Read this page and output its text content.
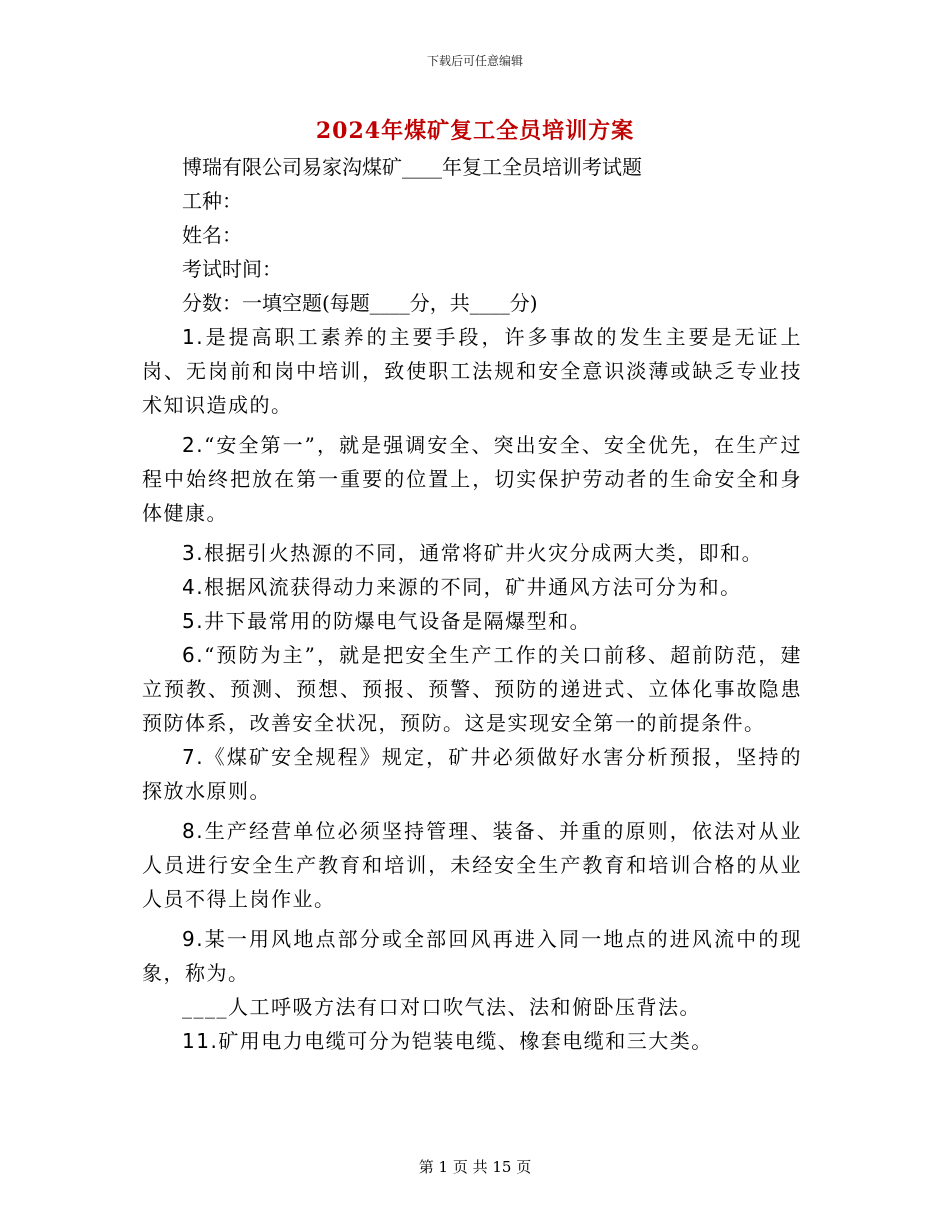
下载后可任意编辑
2024年煤矿复工全员培训方案

博瑞有限公司易家沟煤矿____年复工全员培训考试题

工种：

姓名：

考试时间：

分数：一填空题(每题____分，共____分)

1.是提高职工素养的主要手段，许多事故的发生主要是无证上岗、无岗前和岗中培训，致使职工法规和安全意识淡薄或缺乏专业技术知识造成的。

2.“安全第一”，就是强调安全、突出安全、安全优先，在生产过程中始终把放在第一重要的位置上，切实保护劳动者的生命安全和身体健康。

3.根据引火热源的不同，通常将矿井火灾分成两大类，即和。

4.根据风流获得动力来源的不同，矿井通风方法可分为和。

5.井下最常用的防爆电气设备是隔爆型和。

6.“预防为主”，就是把安全生产工作的关口前移、超前防范，建立预教、预测、预想、预报、预警、预防的递进式、立体化事故隐患预防体系，改善安全状况，预防。这是实现安全第一的前提条件。

7.《煤矿安全规程》规定，矿井必须做好水害分析预报，坚持的探放水原则。

8.生产经营单位必须坚持管理、装备、并重的原则，依法对从业人员进行安全生产教育和培训，未经安全生产教育和培训合格的从业人员不得上岗作业。

9.某一用风地点部分或全部回风再进入同一地点的进风流中的现象，称为。

____人工呼吸方法有口对口吹气法、法和俯卧压背法。

11.矿用电力电缆可分为铠装电缆、橡套电缆和三大类。

第 1 页 共 15 页
